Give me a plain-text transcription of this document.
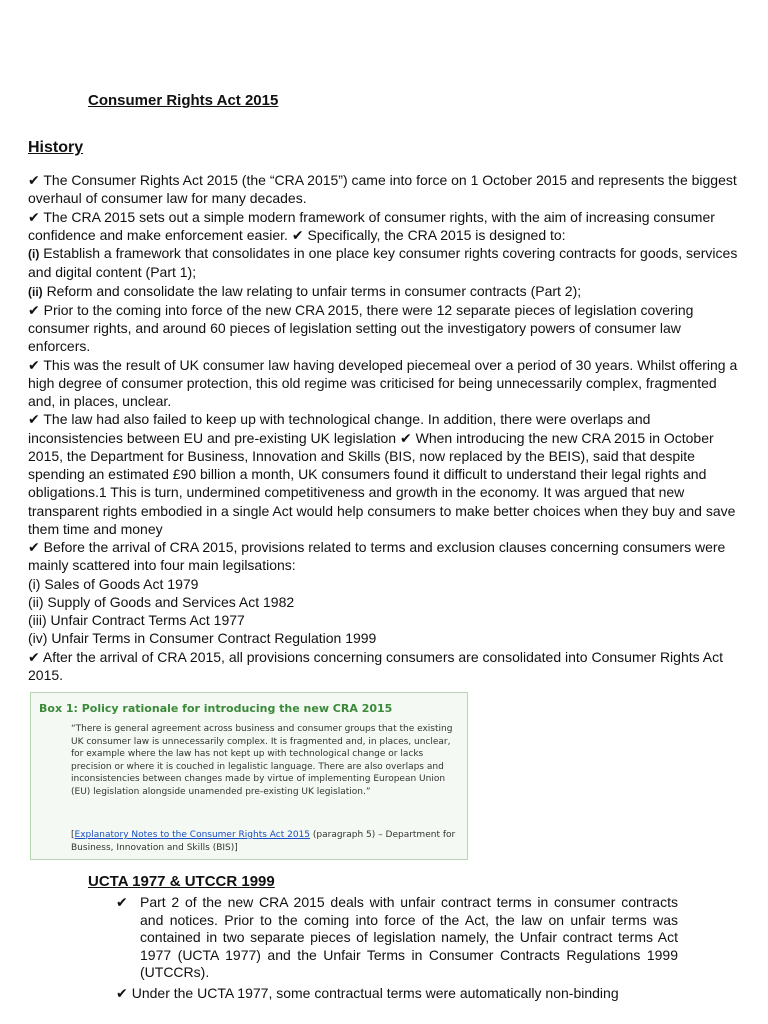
Consumer Rights Act 2015
History

✔ The Consumer Rights Act 2015 (the “CRA 2015”) came into force on 1 October 2015 and represents the biggest overhaul of consumer law for many decades.

✔ The CRA 2015 sets out a simple modern framework of consumer rights, with the aim of increasing consumer confidence and make enforcement easier. ✔ Specifically, the CRA 2015 is designed to:

(i) Establish a framework that consolidates in one place key consumer rights covering contracts for goods, services and digital content (Part 1);

(ii) Reform and consolidate the law relating to unfair terms in consumer contracts (Part 2);

✔ Prior to the coming into force of the new CRA 2015, there were 12 separate pieces of legislation covering consumer rights, and around 60 pieces of legislation setting out the investigatory powers of consumer law enforcers.

✔ This was the result of UK consumer law having developed piecemeal over a period of 30 years. Whilst offering a high degree of consumer protection, this old regime was criticised for being unnecessarily complex, fragmented and, in places, unclear.

✔ The law had also failed to keep up with technological change. In addition, there were overlaps and inconsistencies between EU and pre-existing UK legislation ✔ When introducing the new CRA 2015 in October 2015, the Department for Business, Innovation and Skills (BIS, now replaced by the BEIS), said that despite spending an estimated £90 billion a month, UK consumers found it difficult to understand their legal rights and obligations.1 This is turn, undermined competitiveness and growth in the economy. It was argued that new transparent rights embodied in a single Act would help consumers to make better choices when they buy and save them time and money

✔ Before the arrival of CRA 2015, provisions related to terms and exclusion clauses concerning consumers were mainly scattered into four main legilsations:

(i) Sales of Goods Act 1979

(ii) Supply of Goods and Services Act 1982

(iii) Unfair Contract Terms Act 1977

(iv) Unfair Terms in Consumer Contract Regulation 1999

✔ After the arrival of CRA 2015, all provisions concerning consumers are consolidated into Consumer Rights Act 2015.

Box 1: Policy rationale for introducing the new CRA 2015

“There is general agreement across business and consumer groups that the existing UK consumer law is unnecessarily complex. It is fragmented and, in places, unclear, for example where the law has not kept up with technological change or lacks precision or where it is couched in legalistic language. There are also overlaps and inconsistencies between changes made by virtue of implementing European Union (EU) legislation alongside unamended pre-existing UK legislation.”

[Explanatory Notes to the Consumer Rights Act 2015 (paragraph 5) – Department for Business, Innovation and Skills (BIS)]

UCTA 1977 & UTCCR 1999
✔ Part 2 of the new CRA 2015 deals with unfair contract terms in consumer contracts and notices. Prior to the coming into force of the Act, the law on unfair terms was contained in two separate pieces of legislation namely, the Unfair contract terms Act 1977 (UCTA 1977) and the Unfair Terms in Consumer Contracts Regulations 1999 (UTCCRs).
✔ Under the UCTA 1977, some contractual terms were automatically non-binding
